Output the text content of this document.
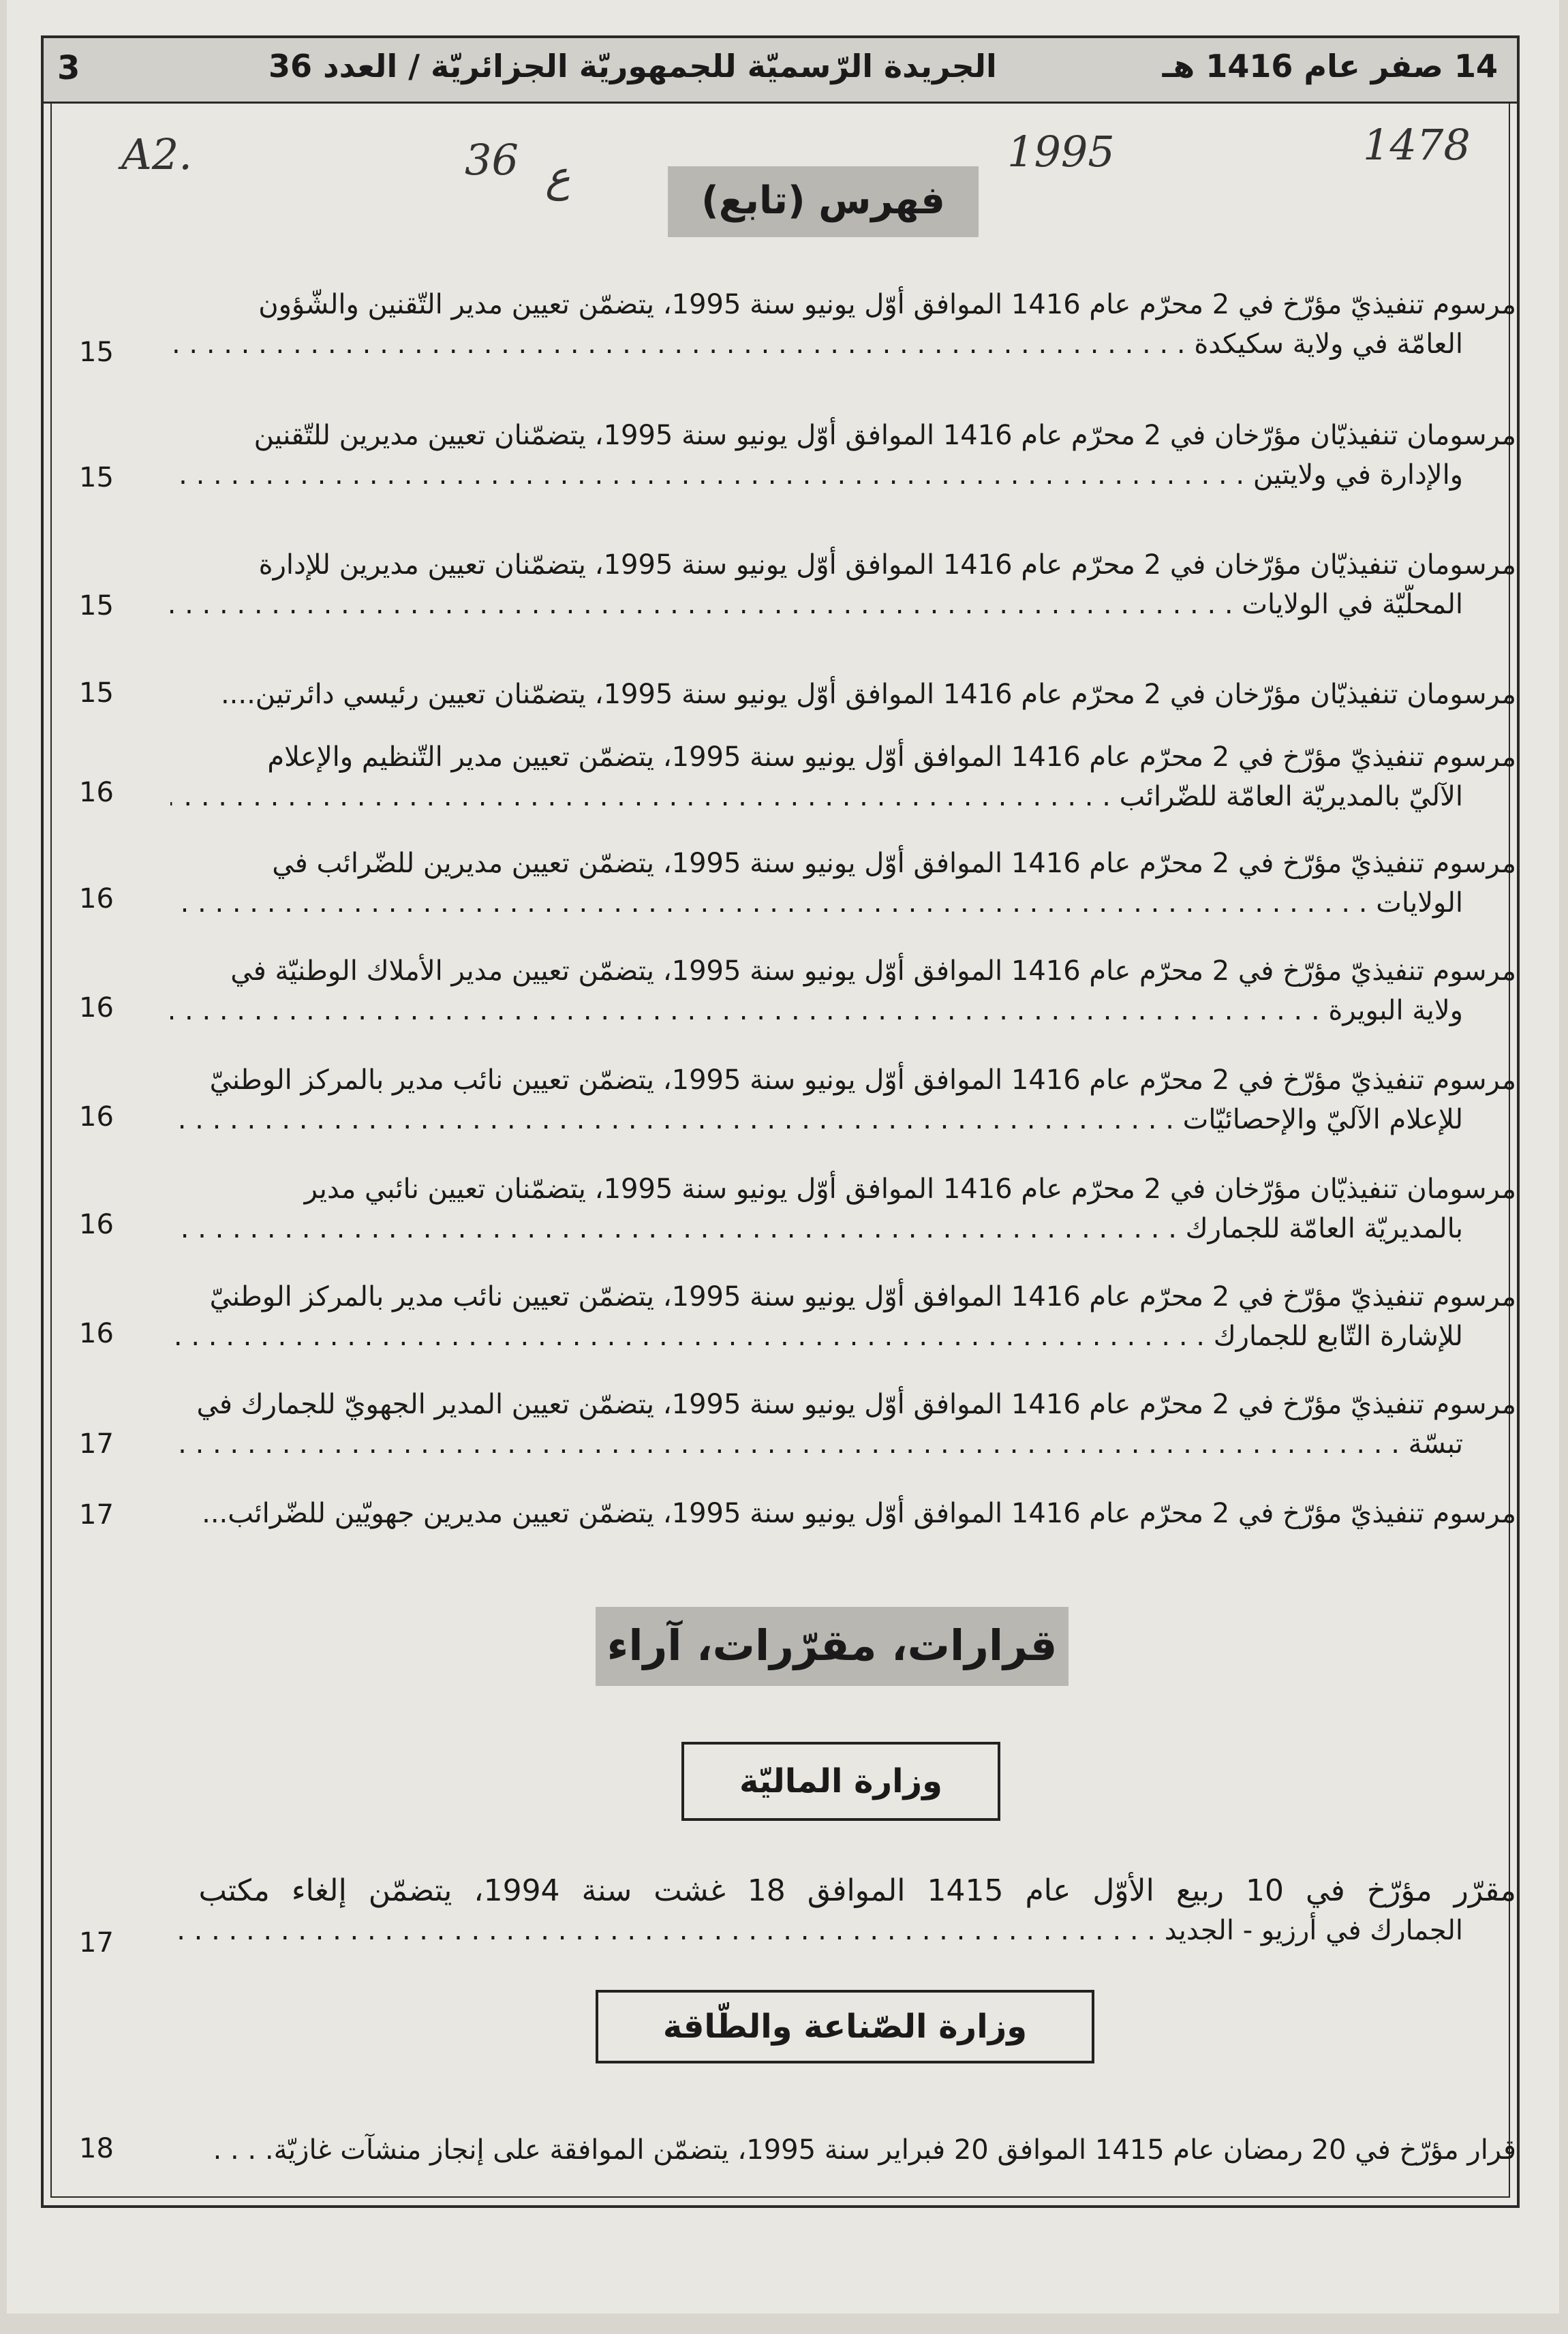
3	الجريدة الرّسميّة للجمهوريّة الجزائريّة / العدد 36	14 صفر عام 1416 هـ
A2.	36 ع	1995	1478
فهرس (تابع)
مرسوم تنفيذيّ مؤرّخ في 2 محرّم عام 1416 الموافق أوّل يونيو سنة 1995، يتضمّن تعيين مدير التّقنين والشّؤون
العامّة في ولاية سكيكدة . . .
15
مرسومان تنفيذيّان مؤرّخان في 2 محرّم عام 1416 الموافق أوّل يونيو سنة 1995، يتضمّنان تعيين مديرين للتّقنين
والإدارة في ولايتين . . .
15
مرسومان تنفيذيّان مؤرّخان في 2 محرّم عام 1416 الموافق أوّل يونيو سنة 1995، يتضمّنان تعيين مديرين للإدارة
المحلّيّة في الولايات . . .
15
مرسومان تنفيذيّان مؤرّخان في 2 محرّم عام 1416 الموافق أوّل يونيو سنة 1995، يتضمّنان تعيين رئيسي دائرتين....
15
مرسوم تنفيذيّ مؤرّخ في 2 محرّم عام 1416 الموافق أوّل يونيو سنة 1995، يتضمّن تعيين مدير التّنظيم والإعلام
الآليّ بالمديريّة العامّة للضّرائب . . .
16
مرسوم تنفيذيّ مؤرّخ في 2 محرّم عام 1416 الموافق أوّل يونيو سنة 1995، يتضمّن تعيين مديرين للضّرائب في
الولايات . . .
16
مرسوم تنفيذيّ مؤرّخ في 2 محرّم عام 1416 الموافق أوّل يونيو سنة 1995، يتضمّن تعيين مدير الأملاك الوطنيّة في
ولاية البويرة . . .
16
مرسوم تنفيذيّ مؤرّخ في 2 محرّم عام 1416 الموافق أوّل يونيو سنة 1995، يتضمّن تعيين نائب مدير بالمركز الوطنيّ
للإعلام الآليّ والإحصائيّات . . .
16
مرسومان تنفيذيّان مؤرّخان في 2 محرّم عام 1416 الموافق أوّل يونيو سنة 1995، يتضمّنان تعيين نائبي مدير
بالمديريّة العامّة للجمارك . . .
16
مرسوم تنفيذيّ مؤرّخ في 2 محرّم عام 1416 الموافق أوّل يونيو سنة 1995، يتضمّن تعيين نائب مدير بالمركز الوطنيّ
للإشارة التّابع للجمارك . . .
16
مرسوم تنفيذيّ مؤرّخ في 2 محرّم عام 1416 الموافق أوّل يونيو سنة 1995، يتضمّن تعيين المدير الجهويّ للجمارك في
تبسّة . . .
17
مرسوم تنفيذيّ مؤرّخ في 2 محرّم عام 1416 الموافق أوّل يونيو سنة 1995، يتضمّن تعيين مديرين جهويّين للضّرائب...
17
قرارات، مقرّرات، آراء
وزارة الماليّة
مقرّر مؤرّخ في 10 ربيع الأوّل عام 1415 الموافق 18 غشت سنة 1994، يتضمّن إلغاء مكتب
الجمارك في أرزيو - الجديد . . .
17
وزارة الصّناعة والطّاقة
قرار مؤرّخ في 20 رمضان عام 1415 الموافق 20 فبراير سنة 1995، يتضمّن الموافقة على إنجاز منشآت غازيّة. . . .
18
